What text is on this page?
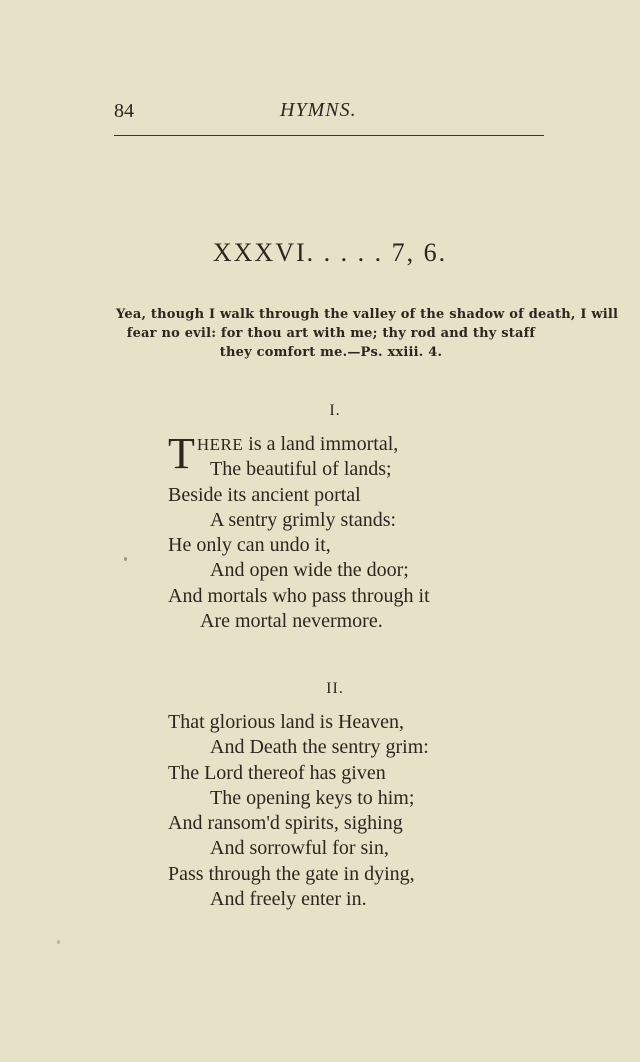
84	HYMNS.
XXXVI. . . . . 7, 6.
Yea, though I walk through the valley of the shadow of death, I will
fear no evil: for thou art with me; thy rod and thy staff
they comfort me.—Ps. xxiii. 4.
I.
THERE is a land immortal,
The beautiful of lands;
Beside its ancient portal
A sentry grimly stands:
He only can undo it,
And open wide the door;
And mortals who pass through it
Are mortal nevermore.
II.
That glorious land is Heaven,
And Death the sentry grim:
The Lord thereof has given
The opening keys to him;
And ransom'd spirits, sighing
And sorrowful for sin,
Pass through the gate in dying,
And freely enter in.
